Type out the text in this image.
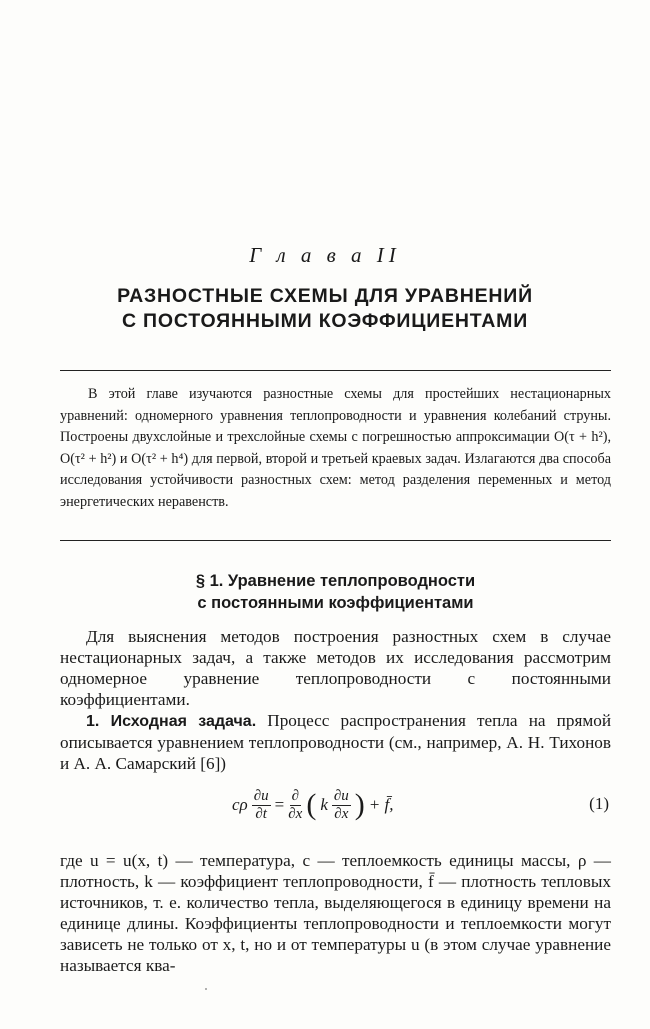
Г л а в а II
РАЗНОСТНЫЕ СХЕМЫ ДЛЯ УРАВНЕНИЙ
С ПОСТОЯННЫМИ КОЭФФИЦИЕНТАМИ

В этой главе изучаются разностные схемы для простейших нестационарных уравнений: одномерного уравнения теплопроводности и уравнения колебаний струны. Построены двухслойные и трехслойные схемы с погрешностью аппроксимации O(τ + h²), O(τ² + h²) и O(τ² + h⁴) для первой, второй и третьей краевых задач. Излагаются два способа исследования устойчивости разностных схем: метод разделения переменных и метод энергетических неравенств.

§ 1. Уравнение теплопроводности
с постоянными коэффициентами

Для выяснения методов построения разностных схем в случае нестационарных задач, а также методов их исследования рассмотрим одномерное уравнение теплопроводности с постоянными коэффициентами.

1. Исходная задача. Процесс распространения тепла на прямой описывается уравнением теплопроводности (см., например, А. Н. Тихонов и А. А. Самарский [6])

cρ $\frac{\partial u}{\partial t} = \frac{\partial}{\partial x}$ ( k $\frac{\partial u}{\partial x}$ ) + f̄,	(1)

где u = u(x, t) — температура, c — теплоемкость единицы массы, ρ — плотность, k — коэффициент теплопроводности, f̄ — плотность тепловых источников, т. е. количество тепла, выделяющегося в единицу времени на единице длины. Коэффициенты теплопроводности и теплоемкости могут зависеть не только от x, t, но и от температуры u (в этом случае уравнение называется ква-
